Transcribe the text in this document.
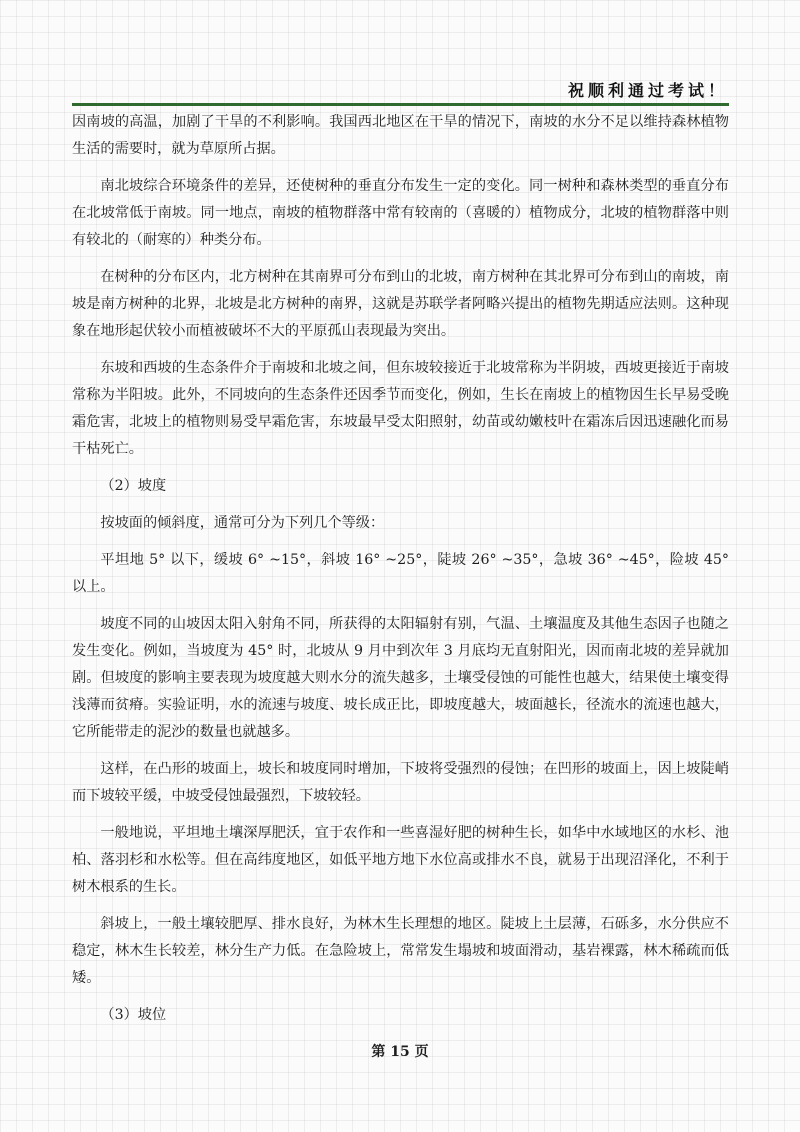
祝顺利通过考试！

因南坡的高温，加剧了干旱的不利影响。我国西北地区在干旱的情况下，南坡的水分不足以维持森林植物生活的需要时，就为草原所占据。

南北坡综合环境条件的差异，还使树种的垂直分布发生一定的变化。同一树种和森林类型的垂直分布在北坡常低于南坡。同一地点，南坡的植物群落中常有较南的（喜暖的）植物成分，北坡的植物群落中则有较北的（耐寒的）种类分布。

在树种的分布区内，北方树种在其南界可分布到山的北坡，南方树种在其北界可分布到山的南坡，南坡是南方树种的北界，北坡是北方树种的南界，这就是苏联学者阿略兴提出的植物先期适应法则。这种现象在地形起伏较小而植被破坏不大的平原孤山表现最为突出。

东坡和西坡的生态条件介于南坡和北坡之间，但东坡较接近于北坡常称为半阴坡，西坡更接近于南坡常称为半阳坡。此外，不同坡向的生态条件还因季节而变化，例如，生长在南坡上的植物因生长早易受晚霜危害，北坡上的植物则易受早霜危害，东坡最早受太阳照射，幼苗或幼嫩枝叶在霜冻后因迅速融化而易干枯死亡。

（2）坡度

按坡面的倾斜度，通常可分为下列几个等级：

平坦地 5° 以下，缓坡 6° ~15°，斜坡 16° ~25°，陡坡 26° ~35°，急坡 36° ~45°，险坡 45° 以上。

坡度不同的山坡因太阳入射角不同，所获得的太阳辐射有别，气温、土壤温度及其他生态因子也随之发生变化。例如，当坡度为 45° 时，北坡从 9 月中到次年 3 月底均无直射阳光，因而南北坡的差异就加剧。但坡度的影响主要表现为坡度越大则水分的流失越多，土壤受侵蚀的可能性也越大，结果使土壤变得浅薄而贫瘠。实验证明，水的流速与坡度、坡长成正比，即坡度越大，坡面越长，径流水的流速也越大，它所能带走的泥沙的数量也就越多。

这样，在凸形的坡面上，坡长和坡度同时增加，下坡将受强烈的侵蚀；在凹形的坡面上，因上坡陡峭而下坡较平缓，中坡受侵蚀最强烈，下坡较轻。

一般地说，平坦地土壤深厚肥沃，宜于农作和一些喜湿好肥的树种生长，如华中水域地区的水杉、池柏、落羽杉和水松等。但在高纬度地区，如低平地方地下水位高或排水不良，就易于出现沼泽化，不利于树木根系的生长。

斜坡上，一般土壤较肥厚、排水良好，为林木生长理想的地区。陡坡上土层薄，石砾多，水分供应不稳定，林木生长较差，林分生产力低。在急险坡上，常常发生塌坡和坡面滑动，基岩裸露，林木稀疏而低矮。

（3）坡位

第 15 页
